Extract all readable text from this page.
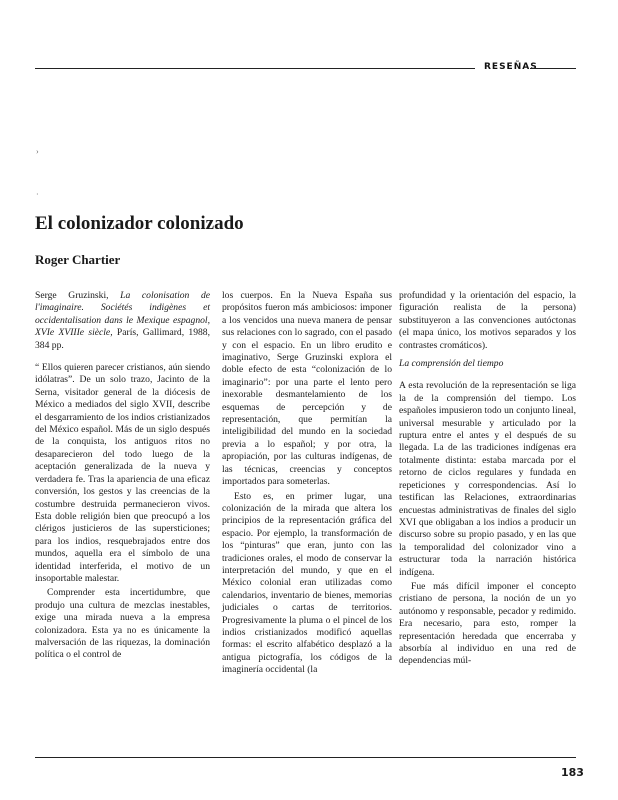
RESEÑAS
›
·
El colonizador colonizado
Roger Chartier

Serge Gruzinski, La colonisation de l'imaginaire. Sociétés indigènes et occidentalisation dans le Mexique espagnol, XVIe XVIIIe siècle, París, Gallimard, 1988, 384 pp.

“ Ellos quieren parecer cristianos, aún siendo idólatras”. De un solo trazo, Jacinto de la Serna, visitador general de la diócesis de México a mediados del siglo XVII, describe el desgarramiento de los indios cristianizados del México español. Más de un siglo después de la conquista, los antiguos ritos no desaparecieron del todo luego de la aceptación generalizada de la nueva y verdadera fe. Tras la apariencia de una eficaz conversión, los gestos y las creencias de la costumbre destruida permanecieron vivos. Esta doble religión bien que preocupó a los clérigos justicieros de las supersticiones; para los indios, resquebrajados entre dos mundos, aquella era el símbolo de una identidad interferida, el motivo de un insoportable malestar.

Comprender esta incertidumbre, que produjo una cultura de mezclas inestables, exige una mirada nueva a la empresa colonizadora. Esta ya no es únicamente la malversación de las riquezas, la dominación política o el control de

los cuerpos. En la Nueva España sus propósitos fueron más ambiciosos: imponer a los vencidos una nueva manera de pensar sus relaciones con lo sagrado, con el pasado y con el espacio. En un libro erudito e imaginativo, Serge Gruzinski explora el doble efecto de esta “colonización de lo imaginario”: por una parte el lento pero inexorable desmantelamiento de los esquemas de percepción y de representación, que permitían la inteligibilidad del mundo en la sociedad previa a lo español; y por otra, la apropiación, por las culturas indígenas, de las técnicas, creencias y conceptos importados para someterlas.

Esto es, en primer lugar, una colonización de la mirada que altera los principios de la representación gráfica del espacio. Por ejemplo, la transformación de los “pinturas” que eran, junto con las tradiciones orales, el modo de conservar la interpretación del mundo, y que en el México colonial eran utilizadas como calendarios, inventario de bienes, memorias judiciales o cartas de territorios. Progresivamente la pluma o el pincel de los indios cristianizados modificó aquellas formas: el escrito alfabético desplazó a la antigua pictografía, los códigos de la imaginería occidental (la

profundidad y la orientación del espacio, la figuración realista de la persona) substituyeron a las convenciones autóctonas (el mapa único, los motivos separados y los contrastes cromáticos).

La comprensión del tiempo

A esta revolución de la representación se liga la de la comprensión del tiempo. Los españoles impusieron todo un conjunto lineal, universal mesurable y articulado por la ruptura entre el antes y el después de su llegada. La de las tradiciones indígenas era totalmente distinta: estaba marcada por el retorno de ciclos regulares y fundada en repeticiones y correspondencias. Así lo testifican las Relaciones, extraordinarias encuestas administrativas de finales del siglo XVI que obligaban a los indios a producir un discurso sobre su propio pasado, y en las que la temporalidad del colonizador vino a estructurar toda la narración histórica indígena.

Fue más difícil imponer el concepto cristiano de persona, la noción de un yo autónomo y responsable, pecador y redimido. Era necesario, para esto, romper la representación heredada que encerraba y absorbía al individuo en una red de dependencias múl-

183
